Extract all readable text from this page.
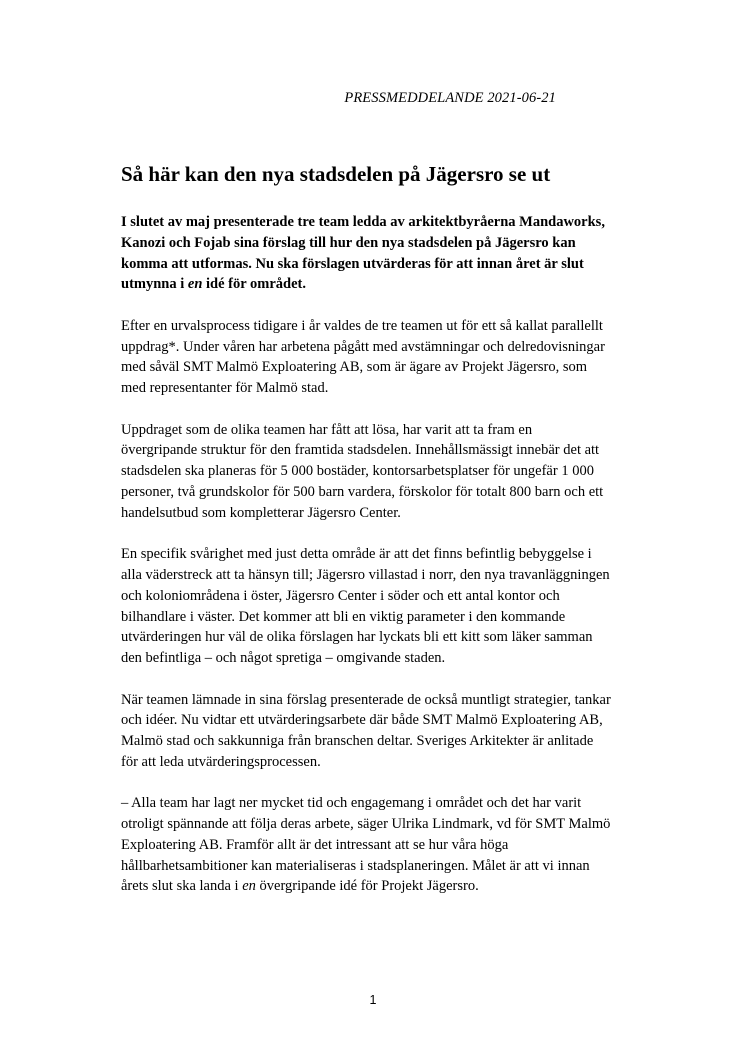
PRESSMEDDELANDE 2021-06-21
Så här kan den nya stadsdelen på Jägersro se ut

I slutet av maj presenterade tre team ledda av arkitektbyråerna Mandaworks, Kanozi och Fojab sina förslag till hur den nya stadsdelen på Jägersro kan komma att utformas. Nu ska förslagen utvärderas för att innan året är slut utmynna i en idé för området.

Efter en urvalsprocess tidigare i år valdes de tre teamen ut för ett så kallat parallellt uppdrag*. Under våren har arbetena pågått med avstämningar och delredovisningar med såväl SMT Malmö Exploatering AB, som är ägare av Projekt Jägersro, som med representanter för Malmö stad.

Uppdraget som de olika teamen har fått att lösa, har varit att ta fram en övergripande struktur för den framtida stadsdelen. Innehållsmässigt innebär det att stadsdelen ska planeras för 5 000 bostäder, kontorsarbetsplatser för ungefär 1 000 personer, två grundskolor för 500 barn vardera, förskolor för totalt 800 barn och ett handelsutbud som kompletterar Jägersro Center.

En specifik svårighet med just detta område är att det finns befintlig bebyggelse i alla väderstreck att ta hänsyn till; Jägersro villastad i norr, den nya travanläggningen och koloniområdena i öster, Jägersro Center i söder och ett antal kontor och bilhandlare i väster. Det kommer att bli en viktig parameter i den kommande utvärderingen hur väl de olika förslagen har lyckats bli ett kitt som läker samman den befintliga – och något spretiga – omgivande staden.

När teamen lämnade in sina förslag presenterade de också muntligt strategier, tankar och idéer. Nu vidtar ett utvärderingsarbete där både SMT Malmö Exploatering AB, Malmö stad och sakkunniga från branschen deltar. Sveriges Arkitekter är anlitade för att leda utvärderingsprocessen.

– Alla team har lagt ner mycket tid och engagemang i området och det har varit otroligt spännande att följa deras arbete, säger Ulrika Lindmark, vd för SMT Malmö Exploatering AB. Framför allt är det intressant att se hur våra höga hållbarhetsambitioner kan materialiseras i stadsplaneringen. Målet är att vi innan årets slut ska landa i en övergripande idé för Projekt Jägersro.

1
